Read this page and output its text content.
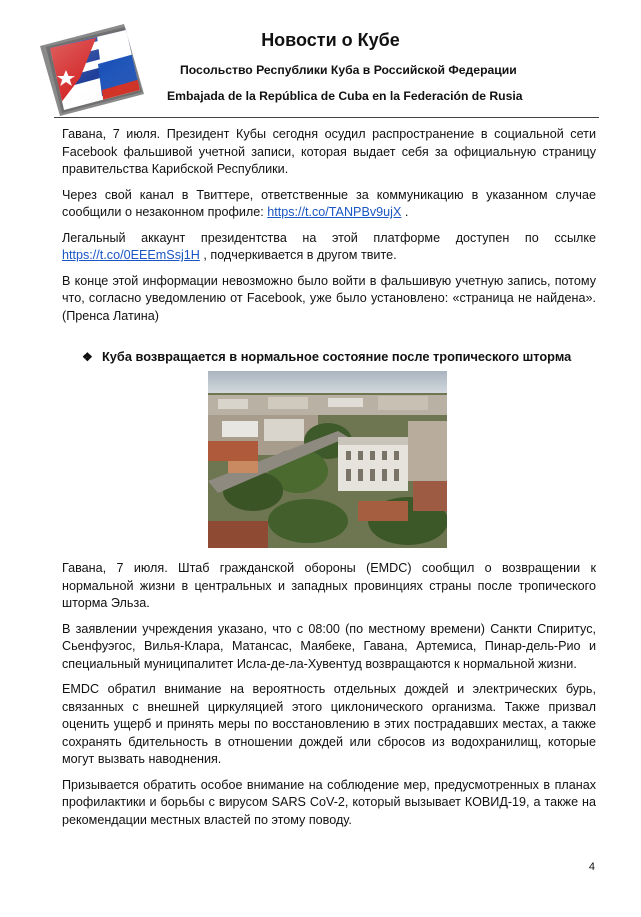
Новости о Кубе
Посольство Республики Куба в Российской Федерации
Embajada de la República de Cuba en la Federación de Rusia

Гавана, 7 июля. Президент Кубы сегодня осудил распространение в социальной сети Facebook фальшивой учетной записи, которая выдает себя за официальную страницу правительства Карибской Республики.

Через свой канал в Твиттере, ответственные за коммуникацию в указанном случае сообщили о незаконном профиле: https://t.co/TANPBv9ujX .

Легальный аккаунт президентства на этой платформе доступен по ссылке https://t.co/0EEEmSsj1H , подчеркивается в другом твите.

В конце этой информации невозможно было войти в фальшивую учетную запись, потому что, согласно уведомлению от Facebook, уже было установлено: «страница не найдена». (Пренса Латина)

❖ Куба возвращается в нормальное состояние после тропического шторма

Гавана, 7 июля. Штаб гражданской обороны (EMDC) сообщил о возвращении к нормальной жизни в центральных и западных провинциях страны после тропического шторма Эльза.

В заявлении учреждения указано, что с 08:00 (по местному времени) Санкти Спиритус, Сьенфуэгос, Вилья-Клара, Матансас, Маябеке, Гавана, Артемиса, Пинар-дель-Рио и специальный муниципалитет Исла-де-ла-Хувентуд возвращаются к нормальной жизни.

EMDC обратил внимание на вероятность отдельных дождей и электрических бурь, связанных с внешней циркуляцией этого циклонического организма. Также призвал оценить ущерб и принять меры по восстановлению в этих пострадавших местах, а также сохранять бдительность в отношении дождей или сбросов из водохранилищ, которые могут вызвать наводнения.

Призывается обратить особое внимание на соблюдение мер, предусмотренных в планах профилактики и борьбы с вирусом SARS CoV-2, который вызывает КОВИД-19, а также на рекомендации местных властей по этому поводу.

4
